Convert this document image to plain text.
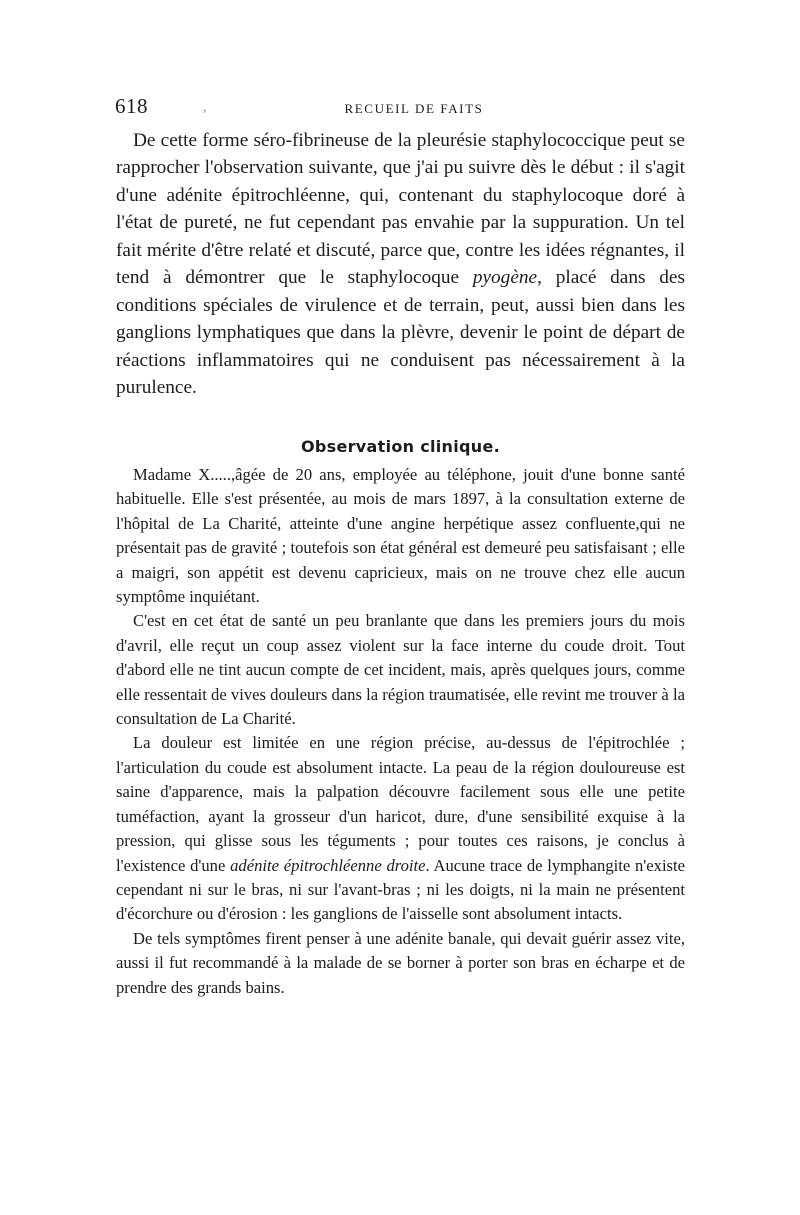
618	RECUEIL DE FAITS
,

De cette forme séro-fibrineuse de la pleurésie staphylococcique peut se rapprocher l'observation suivante, que j'ai pu suivre dès le début : il s'agit d'une adénite épitrochléenne, qui, contenant du staphylocoque doré à l'état de pureté, ne fut cependant pas envahie par la suppuration. Un tel fait mérite d'être relaté et discuté, parce que, contre les idées régnantes, il tend à démontrer que le staphylocoque pyogène, placé dans des conditions spéciales de virulence et de terrain, peut, aussi bien dans les ganglions lymphatiques que dans la plèvre, devenir le point de départ de réactions inflammatoires qui ne conduisent pas nécessairement à la purulence.

Observation clinique.

Madame X.....,âgée de 20 ans, employée au téléphone, jouit d'une bonne santé habituelle. Elle s'est présentée, au mois de mars 1897, à la consultation externe de l'hôpital de La Charité, atteinte d'une angine herpétique assez confluente,qui ne présentait pas de gravité ; toutefois son état général est demeuré peu satisfaisant ; elle a maigri, son appétit est devenu capricieux, mais on ne trouve chez elle aucun symptôme inquiétant.

C'est en cet état de santé un peu branlante que dans les premiers jours du mois d'avril, elle reçut un coup assez violent sur la face interne du coude droit. Tout d'abord elle ne tint aucun compte de cet incident, mais, après quelques jours, comme elle ressentait de vives douleurs dans la région traumatisée, elle revint me trouver à la consultation de La Charité.

La douleur est limitée en une région précise, au-dessus de l'épitrochlée ; l'articulation du coude est absolument intacte. La peau de la région douloureuse est saine d'apparence, mais la palpation découvre facilement sous elle une petite tuméfaction, ayant la grosseur d'un haricot, dure, d'une sensibilité exquise à la pression, qui glisse sous les téguments ; pour toutes ces raisons, je conclus à l'existence d'une adénite épitrochléenne droite. Aucune trace de lymphangite n'existe cependant ni sur le bras, ni sur l'avant-bras ; ni les doigts, ni la main ne présentent d'écorchure ou d'érosion : les ganglions de l'aisselle sont absolument intacts.

De tels symptômes firent penser à une adénite banale, qui devait guérir assez vite, aussi il fut recommandé à la malade de se borner à porter son bras en écharpe et de prendre des grands bains.
